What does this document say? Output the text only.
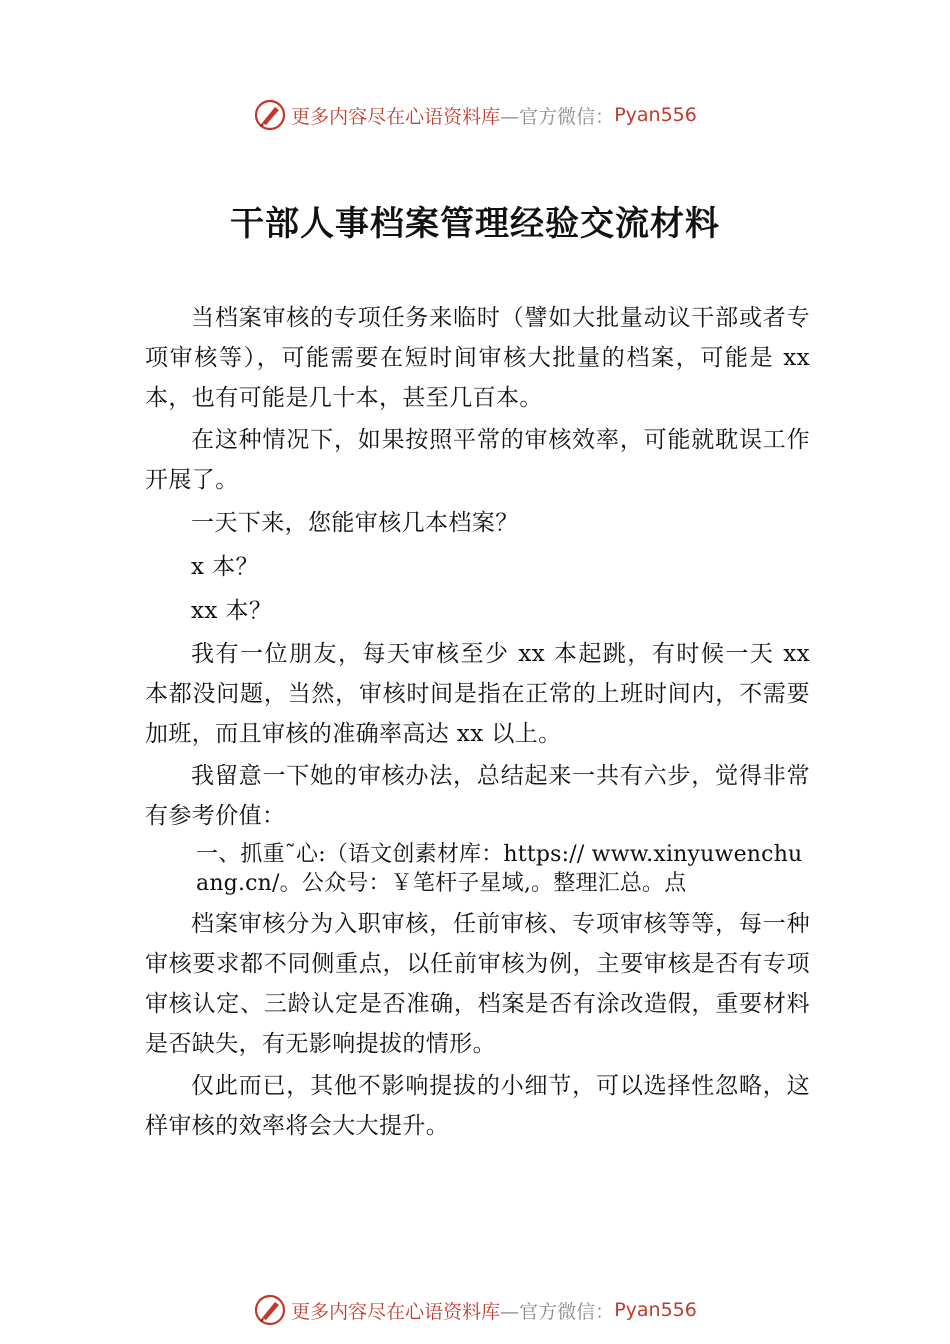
更多内容尽在心语资料库 —官方微信： Pyan556
干部人事档案管理经验交流材料

当档案审核的专项任务来临时（譬如大批量动议干部或者专项审核等），可能需要在短时间审核大批量的档案，可能是 xx 本，也有可能是几十本，甚至几百本。

在这种情况下，如果按照平常的审核效率，可能就耽误工作开展了。

一天下来，您能审核几本档案？

x 本？

xx 本？

我有一位朋友，每天审核至少 xx 本起跳，有时候一天 xx 本都没问题，当然，审核时间是指在正常的上班时间内，不需要加班，而且审核的准确率高达 xx 以上。

我留意一下她的审核办法，总结起来一共有六步，觉得非常有参考价值：

一、抓重˜心:（语文创素材库：https:// www.xinyuwenchuang.cn/。公众号：￥笔杆子星域,。整理汇总。点

档案审核分为入职审核，任前审核、专项审核等等，每一种审核要求都不同侧重点，以任前审核为例，主要审核是否有专项审核认定、三龄认定是否准确，档案是否有涂改造假，重要材料是否缺失，有无影响提拔的情形。

仅此而已，其他不影响提拔的小细节，可以选择性忽略，这样审核的效率将会大大提升。

更多内容尽在心语资料库 —官方微信： Pyan556
